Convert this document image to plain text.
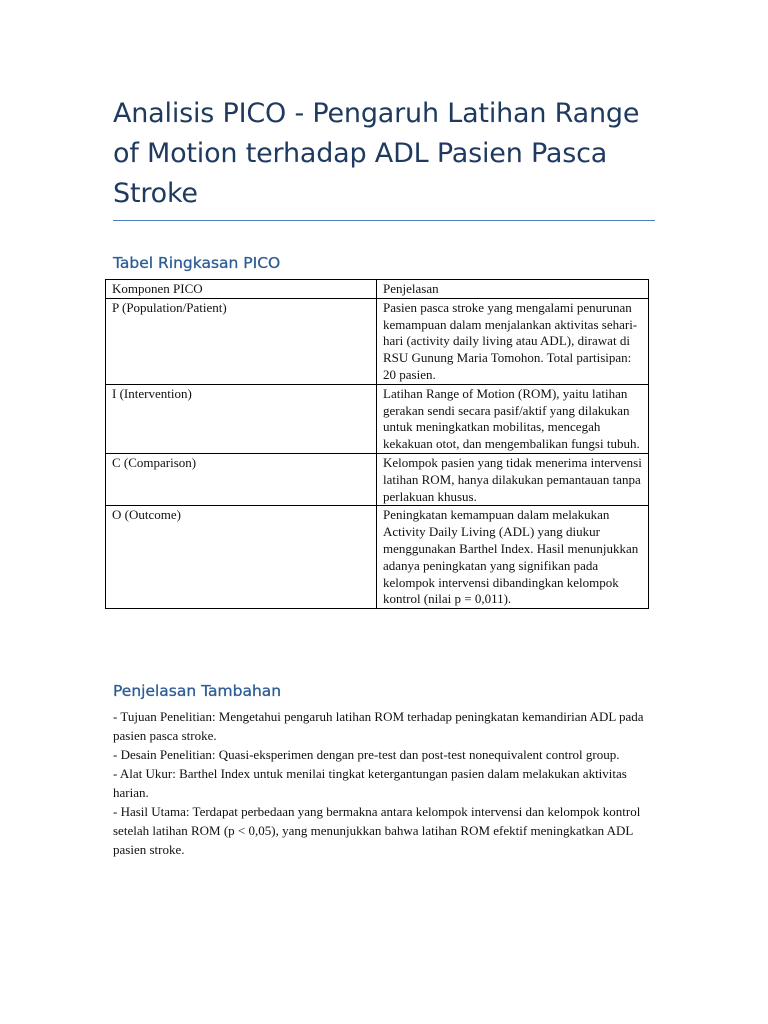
Analisis PICO - Pengaruh Latihan Range of Motion terhadap ADL Pasien Pasca Stroke
Tabel Ringkasan PICO
Komponen PICO	Penjelasan
P (Population/Patient)	Pasien pasca stroke yang mengalami penurunan kemampuan dalam menjalankan aktivitas sehari-hari (activity daily living atau ADL), dirawat di RSU Gunung Maria Tomohon. Total partisipan: 20 pasien.
I (Intervention)	Latihan Range of Motion (ROM), yaitu latihan gerakan sendi secara pasif/aktif yang dilakukan untuk meningkatkan mobilitas, mencegah kekakuan otot, dan mengembalikan fungsi tubuh.
C (Comparison)	Kelompok pasien yang tidak menerima intervensi latihan ROM, hanya dilakukan pemantauan tanpa perlakuan khusus.
O (Outcome)	Peningkatan kemampuan dalam melakukan Activity Daily Living (ADL) yang diukur menggunakan Barthel Index. Hasil menunjukkan adanya peningkatan yang signifikan pada kelompok intervensi dibandingkan kelompok kontrol (nilai p = 0,011).
Penjelasan Tambahan

- Tujuan Penelitian: Mengetahui pengaruh latihan ROM terhadap peningkatan kemandirian ADL pada pasien pasca stroke.

- Desain Penelitian: Quasi-eksperimen dengan pre-test dan post-test nonequivalent control group.

- Alat Ukur: Barthel Index untuk menilai tingkat ketergantungan pasien dalam melakukan aktivitas harian.

- Hasil Utama: Terdapat perbedaan yang bermakna antara kelompok intervensi dan kelompok kontrol setelah latihan ROM (p < 0,05), yang menunjukkan bahwa latihan ROM efektif meningkatkan ADL pasien stroke.
